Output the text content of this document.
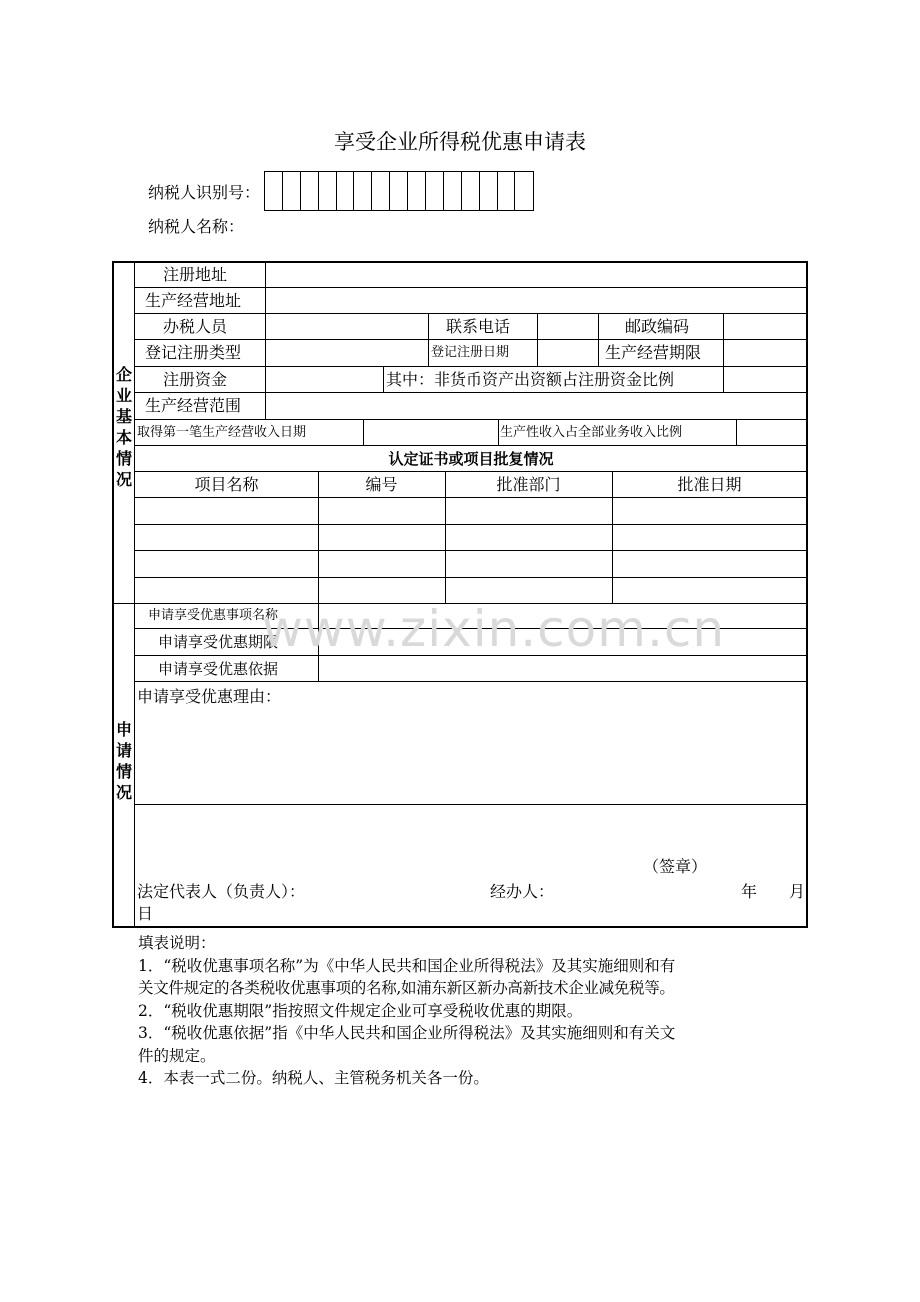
享受企业所得税优惠申请表
纳税人识别号：
纳税人名称：
企业基本情况
申请情况
注册地址
生产经营地址
办税人员	联系电话	邮政编码
登记注册类型	登记注册日期	生产经营期限
注册资金	其中：非货币资产出资额占注册资金比例
生产经营范围
取得第一笔生产经营收入日期	生产性收入占全部业务收入比例
认定证书或项目批复情况
项目名称	编号	批准部门	批准日期
申请享受优惠事项名称
申请享受优惠期限
申请享受优惠依据
申请享受优惠理由：
（签章）
法定代表人（负责人）：	经办人：	年 月
日
www.zixin.com.cn
填表说明：
1．“税收优惠事项名称”为《中华人民共和国企业所得税法》及其实施细则和有
关文件规定的各类税收优惠事项的名称,如浦东新区新办高新技术企业减免税等。
2．“税收优惠期限”指按照文件规定企业可享受税收优惠的期限。
3．“税收优惠依据”指《中华人民共和国企业所得税法》及其实施细则和有关文
件的规定。
4．本表一式二份。纳税人、主管税务机关各一份。
